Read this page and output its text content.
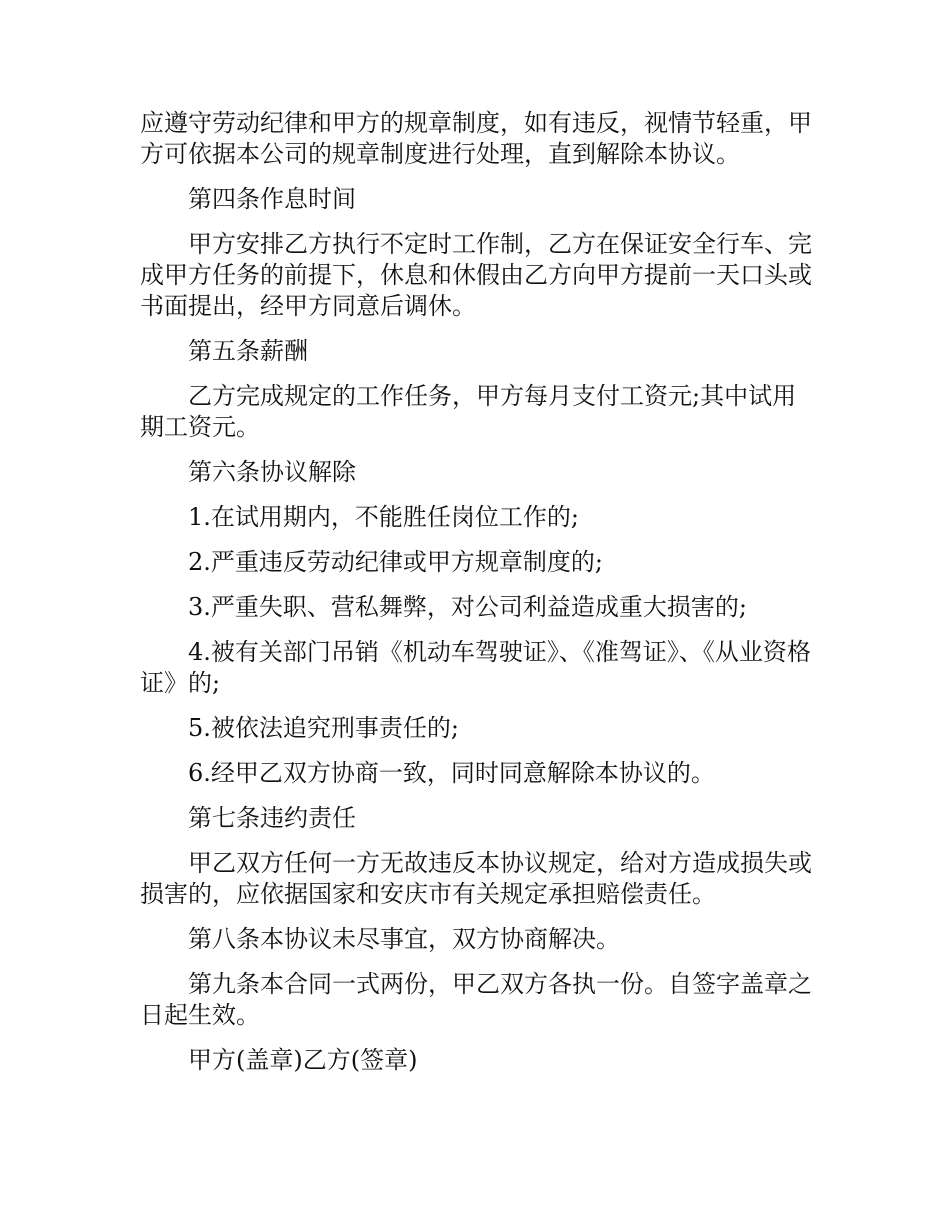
应遵守劳动纪律和甲方的规章制度，如有违反，视情节轻重，甲方可依据本公司的规章制度进行处理，直到解除本协议。

第四条作息时间

甲方安排乙方执行不定时工作制，乙方在保证安全行车、完成甲方任务的前提下，休息和休假由乙方向甲方提前一天口头或书面提出，经甲方同意后调休。

第五条薪酬

乙方完成规定的工作任务，甲方每月支付工资元;其中试用期工资元。

第六条协议解除

1.在试用期内，不能胜任岗位工作的;

2.严重违反劳动纪律或甲方规章制度的;

3.严重失职、营私舞弊，对公司利益造成重大损害的;

4.被有关部门吊销《机动车驾驶证》、《准驾证》、《从业资格证》的;

5.被依法追究刑事责任的;

6.经甲乙双方协商一致，同时同意解除本协议的。

第七条违约责任

甲乙双方任何一方无故违反本协议规定，给对方造成损失或损害的，应依据国家和安庆市有关规定承担赔偿责任。

第八条本协议未尽事宜，双方协商解决。

第九条本合同一式两份，甲乙双方各执一份。自签字盖章之日起生效。

甲方(盖章)乙方(签章)
